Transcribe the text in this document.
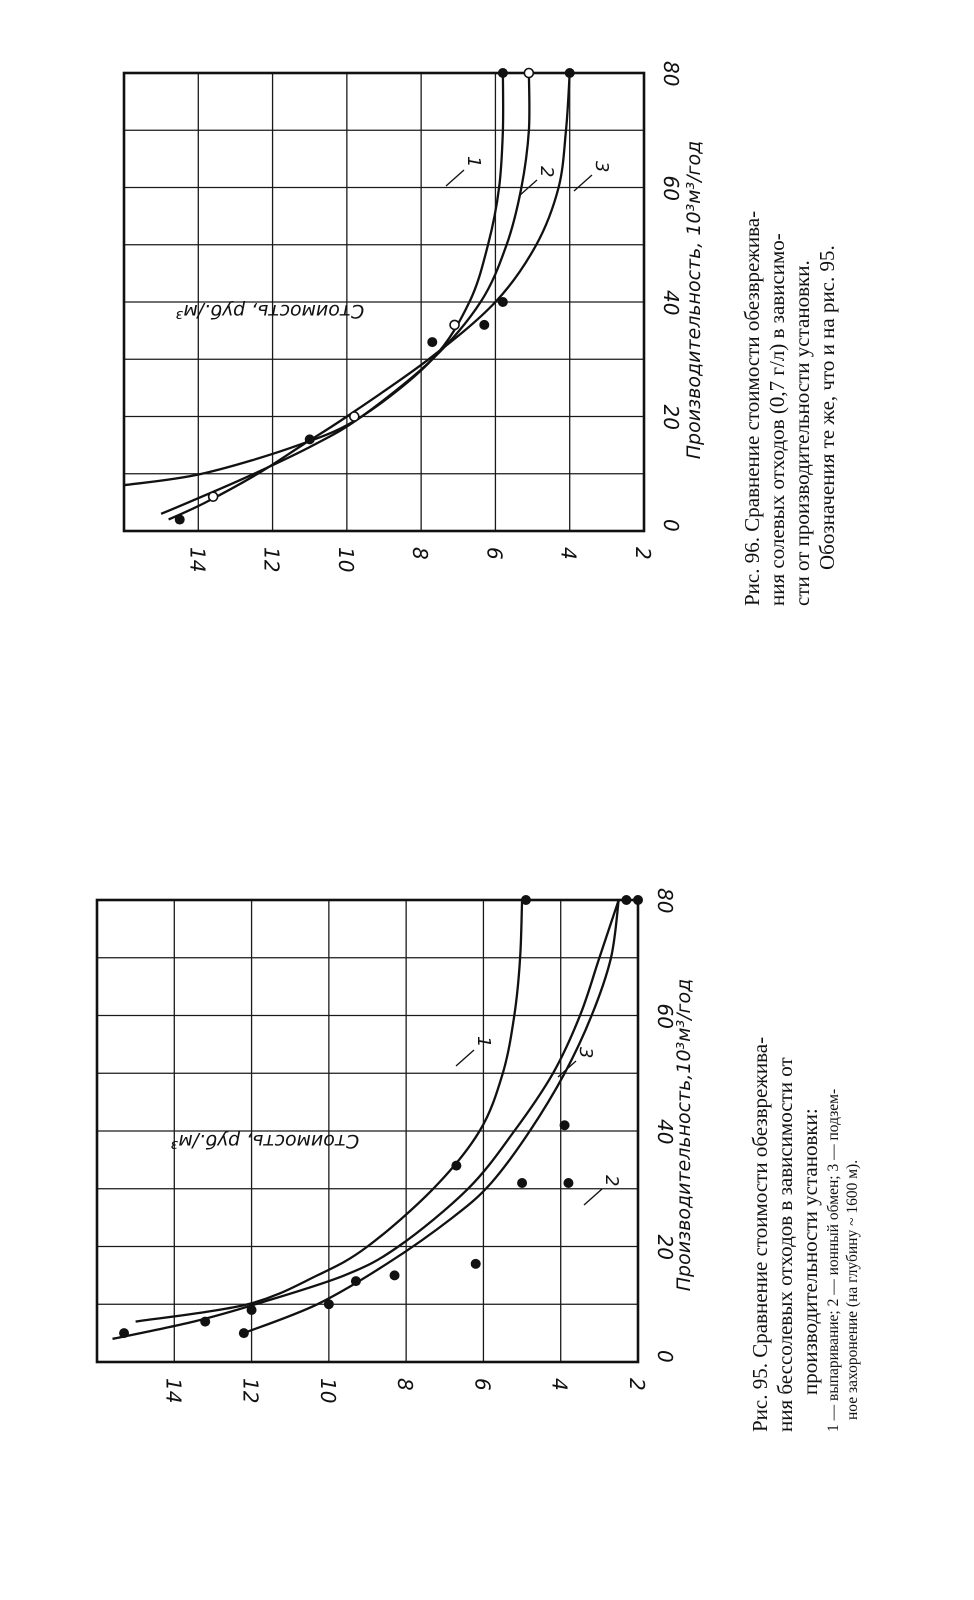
2
4
6
8
10
12
14
0
20
40
60
80
Производительность,10³м³/год
Стоимость, руб./м³
1
2
3
2
4
6
8
10
12
14
0
20
40
60
80
Производительность, 10³м³/год
Стоимость, руб./м³
1
2 3
Рис. 95. Сравнение стоимости обезврежива- ния бессолевых отходов в зависимости от производительности установки: 1 — выпаривание; 2 — ионный обмен; 3 — подзем- ное захоронение (на глубину ~ 1600 м).
Рис. 96. Сравнение стоимости обезврежива- ния солевых отходов (0,7 г/л) в зависимо- сти от производительности установки. Обозначения те же, что и на рис. 95.
